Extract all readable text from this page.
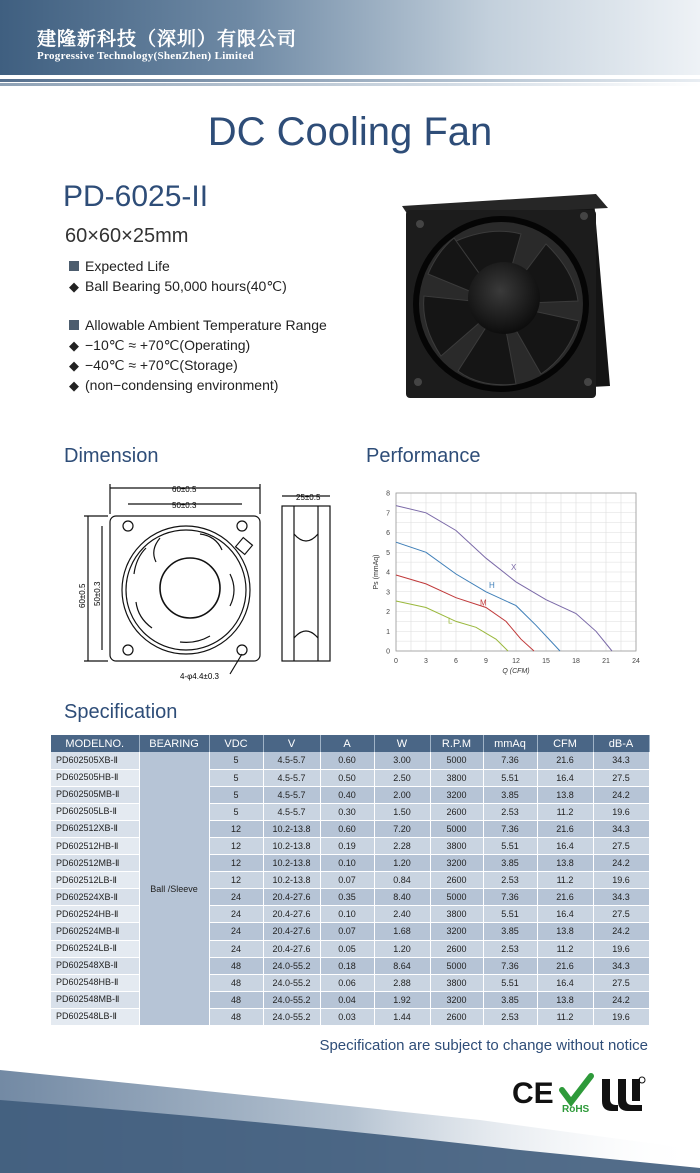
建隆新科技（深圳）有限公司
Progressive Technology(ShenZhen) Limited
DC Cooling Fan
PD-6025-II
60×60×25mm
Expected Life
◆ Ball Bearing 50,000 hours(40℃)
Allowable Ambient Temperature Range
◆ −10℃ ≈ +70℃(Operating)
◆ −40℃ ≈ +70℃(Storage)
◆ (non−condensing environment)
Dimension	Performance
Specification
60±0.5
50±0.3
25±0.5
60±0.5 50±0.3
4-φ4.4±0.3
0	3	6	9	12	15	18	21	24
0
1
2
3
4
5
6
7
8
Q (CFM)
Ps (mmAq)	X
H
M
L
MODELNO.	BEARING	VDC	V	A	W	R.P.M	mmAq	CFM	dB-A
PD602505XB-Ⅱ	Ball /Sleeve	5	4.5-5.7	0.60	3.00	5000	7.36	21.6	34.3
PD602505HB-Ⅱ		5	4.5-5.7	0.50	2.50	3800	5.51	16.4	27.5
PD602505MB-Ⅱ		5	4.5-5.7	0.40	2.00	3200	3.85	13.8	24.2
PD602505LB-Ⅱ		5	4.5-5.7	0.30	1.50	2600	2.53	11.2	19.6
PD602512XB-Ⅱ		12	10.2-13.8	0.60	7.20	5000	7.36	21.6	34.3
PD602512HB-Ⅱ		12	10.2-13.8	0.19	2.28	3800	5.51	16.4	27.5
PD602512MB-Ⅱ		12	10.2-13.8	0.10	1.20	3200	3.85	13.8	24.2
PD602512LB-Ⅱ		12	10.2-13.8	0.07	0.84	2600	2.53	11.2	19.6
PD602524XB-Ⅱ		24	20.4-27.6	0.35	8.40	5000	7.36	21.6	34.3
PD602524HB-Ⅱ		24	20.4-27.6	0.10	2.40	3800	5.51	16.4	27.5
PD602524MB-Ⅱ		24	20.4-27.6	0.07	1.68	3200	3.85	13.8	24.2
PD602524LB-Ⅱ		24	20.4-27.6	0.05	1.20	2600	2.53	11.2	19.6
PD602548XB-Ⅱ		48	24.0-55.2	0.18	8.64	5000	7.36	21.6	34.3
PD602548HB-Ⅱ		48	24.0-55.2	0.06	2.88	3800	5.51	16.4	27.5
PD602548MB-Ⅱ		48	24.0-55.2	0.04	1.92	3200	3.85	13.8	24.2
PD602548LB-Ⅱ		48	24.0-55.2	0.03	1.44	2600	2.53	11.2	19.6
Specification are subject to change without notice
CE RoHS
